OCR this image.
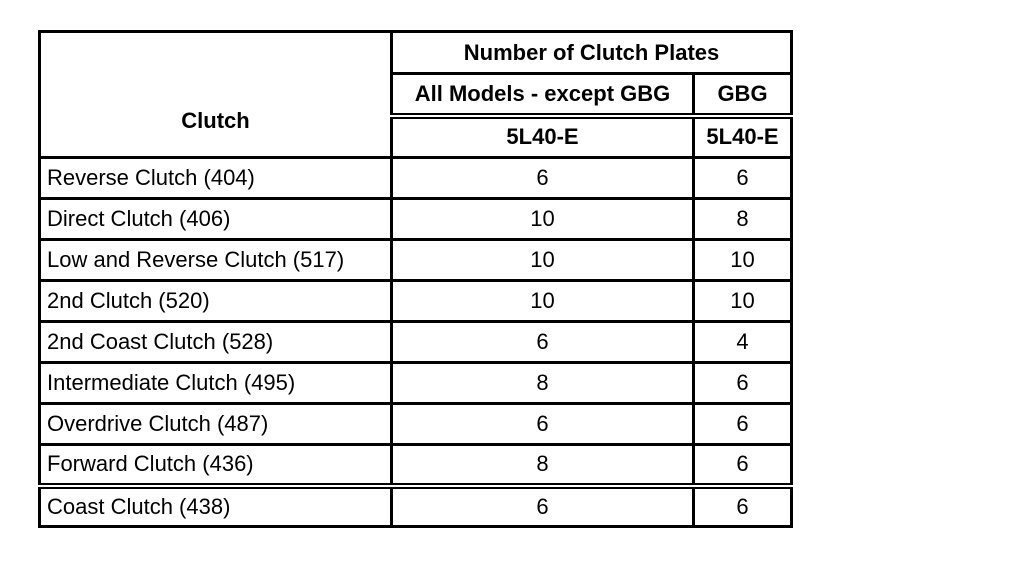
Clutch	Number of Clutch Plates	
	All Models - except GBG	GBG
	5L40-E	5L40-E
Reverse Clutch (404)	6	6
Direct Clutch (406)	10	8
Low and Reverse Clutch (517)	10	10
2nd Clutch (520)	10	10
2nd Coast Clutch (528)	6	4
Intermediate Clutch (495)	8	6
Overdrive Clutch (487)	6	6
Forward Clutch (436)	8	6
Coast Clutch (438)	6	6
